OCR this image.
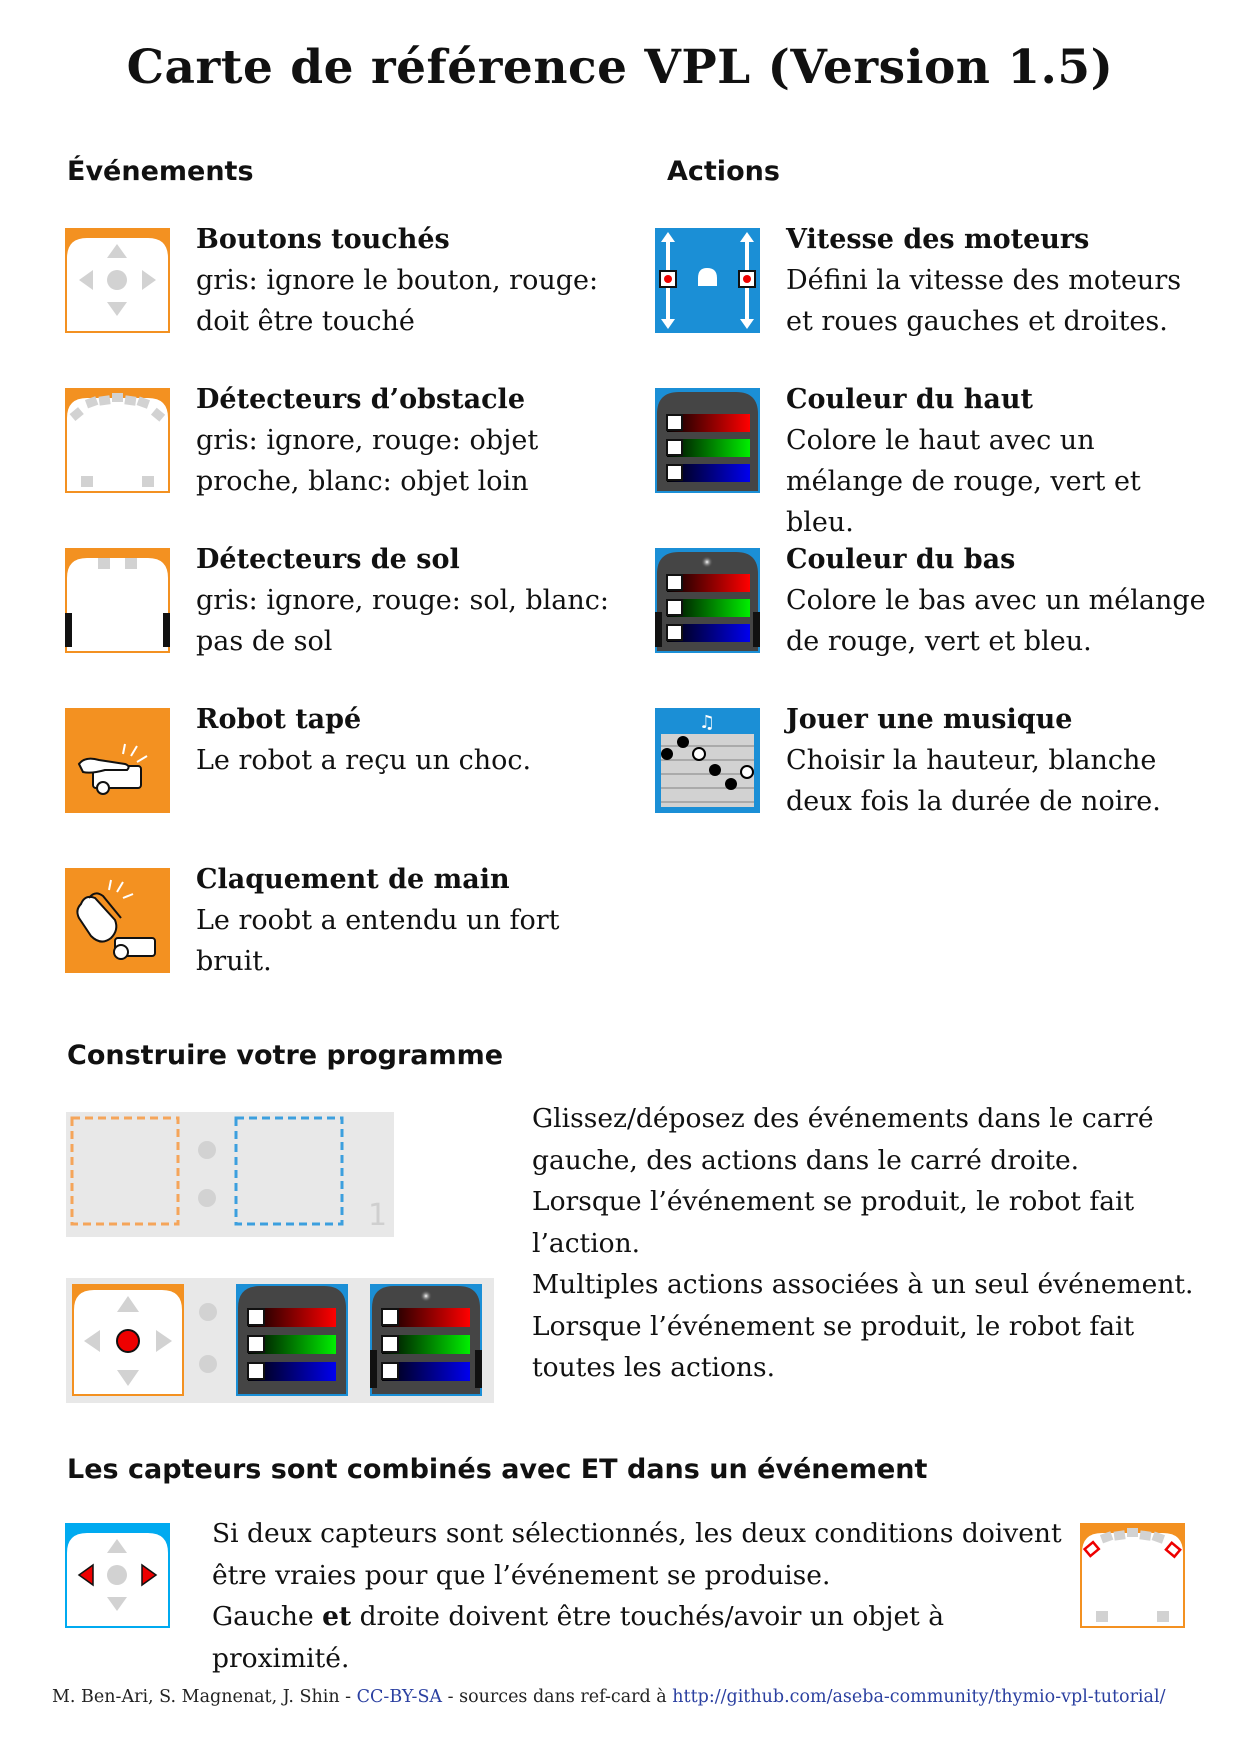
Carte de référence VPL (Version 1.5)
Événements
Boutons touchés
gris: ignore le bouton, rouge:
doit être touché
Détecteurs d’obstacle
gris: ignore, rouge: objet
proche, blanc: objet loin
Détecteurs de sol
gris: ignore, rouge: sol, blanc:
pas de sol
Robot tapé
Le robot a reçu un choc.
Claquement de main
Le roobt a entendu un fort
bruit.
Actions
Vitesse des moteurs
Défini la vitesse des moteurs
et roues gauches et droites.
Couleur du haut
Colore le haut avec un
mélange de rouge, vert et bleu.
Couleur du bas
Colore le bas avec un mélange
de rouge, vert et bleu.
♫	Jouer une musique
Choisir la hauteur, blanche
deux fois la durée de noire.
Construire votre programme
1
Glissez/déposez des événements dans le carré
gauche, des actions dans le carré droite.
Lorsque l’événement se produit, le robot fait
l’action.
Multiples actions associées à un seul événement.
Lorsque l’événement se produit, le robot fait
toutes les actions.
Les capteurs sont combinés avec ET dans un événement
Si deux capteurs sont sélectionnés, les deux conditions doivent
être vraies pour que l’événement se produise.
Gauche et droite doivent être touchés/avoir un objet à proximité.
M. Ben-Ari, S. Magnenat, J. Shin - CC-BY-SA - sources dans ref-card à http://github.com/aseba-community/thymio-vpl-tutorial/
